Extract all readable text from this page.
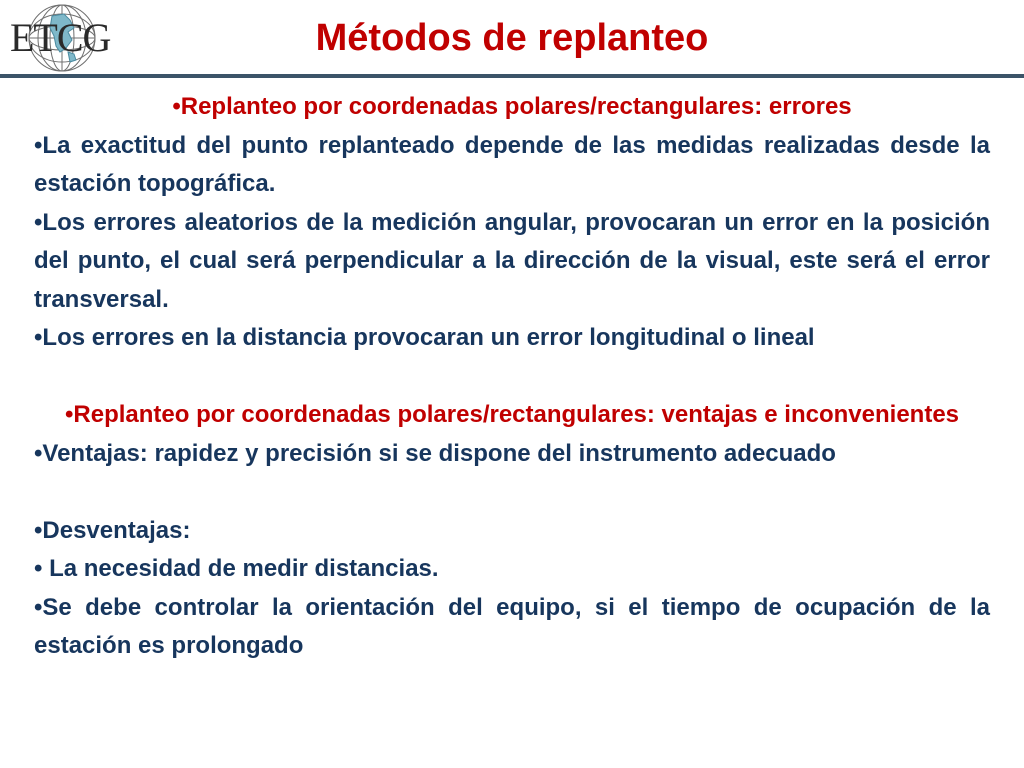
ETCG	Métodos de replanteo

•Replanteo por coordenadas polares/rectangulares: errores

•La exactitud del punto replanteado depende de las medidas realizadas desde la estación topográfica.

•Los errores aleatorios de la medición angular, provocaran un error en la posición del punto, el cual será perpendicular a la dirección de la visual, este será el error transversal.

•Los errores en la distancia provocaran un error longitudinal o lineal

•Replanteo por coordenadas polares/rectangulares: ventajas e inconvenientes

•Ventajas: rapidez y precisión si se dispone del instrumento adecuado

•Desventajas:

• La necesidad de medir distancias.

•Se debe controlar la orientación del equipo, si el tiempo de ocupación de la estación es prolongado
